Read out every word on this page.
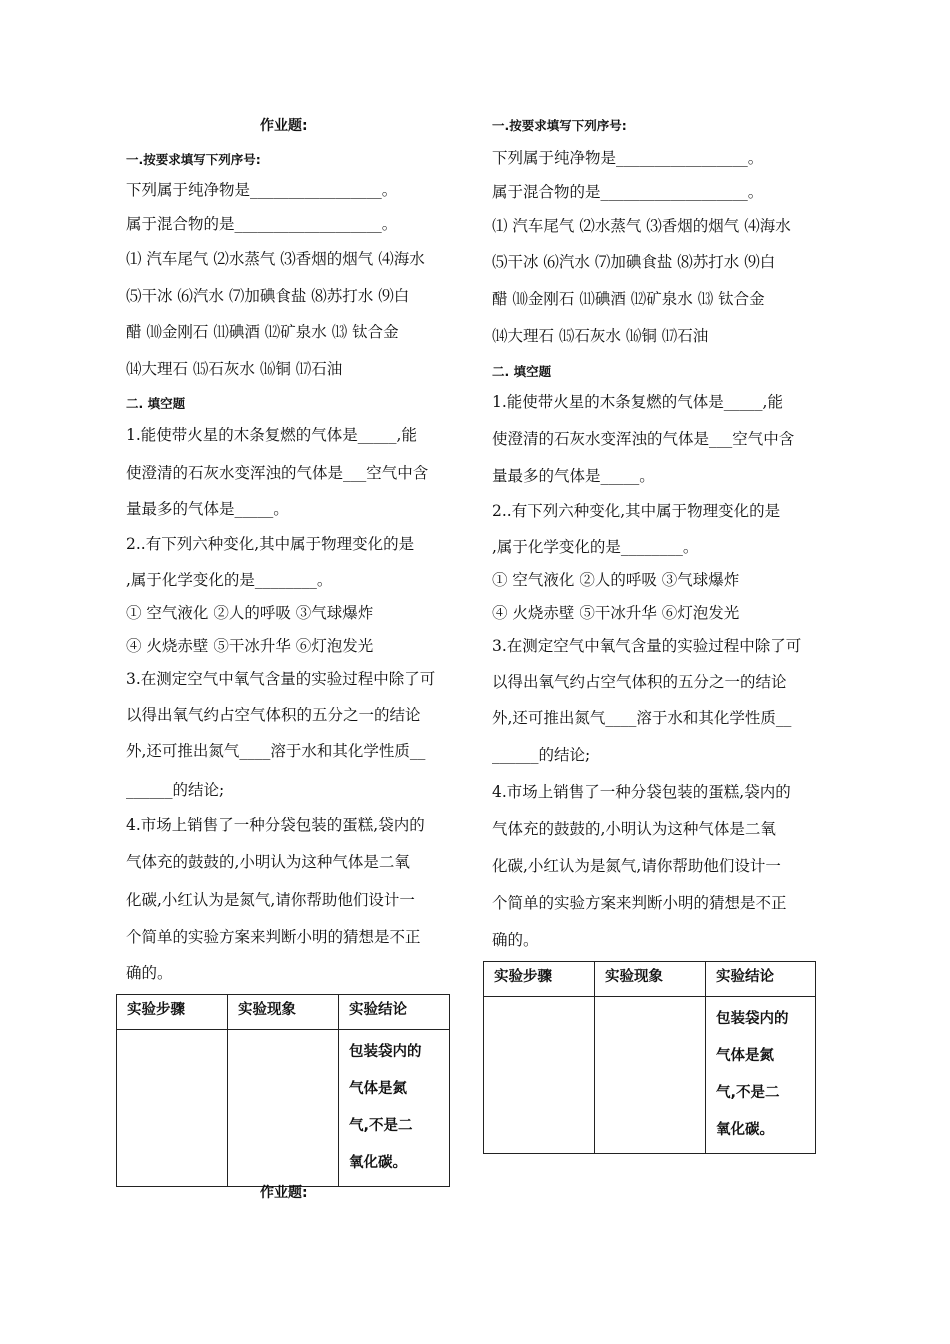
作业题:
一.按要求填写下列序号:
下列属于纯净物是_________________。
属于混合物的是___________________。
⑴ 汽车尾气 ⑵水蒸气 ⑶香烟的烟气 ⑷海水
⑸干冰 ⑹汽水 ⑺加碘食盐 ⑻苏打水 ⑼白
醋 ⑽金刚石 ⑾碘酒 ⑿矿泉水 ⒀ 钛合金
⒁大理石 ⒂石灰水 ⒃铜 ⒄石油
二. 填空题
1.能使带火星的木条复燃的气体是_____,能
使澄清的石灰水变浑浊的气体是___空气中含
量最多的气体是_____。
2..有下列六种变化,其中属于物理变化的是
,属于化学变化的是________。
① 空气液化 ②人的呼吸 ③气球爆炸
④ 火烧赤壁 ⑤干冰升华 ⑥灯泡发光
3.在测定空气中氧气含量的实验过程中除了可
以得出氧气约占空气体积的五分之一的结论
外,还可推出氮气____溶于水和其化学性质__
______的结论;
4.市场上销售了一种分袋包装的蛋糕,袋内的
气体充的鼓鼓的,小明认为这种气体是二氧
化碳,小红认为是氮气,请你帮助他们设计一
个简单的实验方案来判断小明的猜想是不正
确的。
实验步骤	实验现象	实验结论

		包装袋内的
气体是氮
气,不是二
氧化碳。
作业题:
一.按要求填写下列序号:
下列属于纯净物是_________________。
属于混合物的是___________________。
⑴ 汽车尾气 ⑵水蒸气 ⑶香烟的烟气 ⑷海水
⑸干冰 ⑹汽水 ⑺加碘食盐 ⑻苏打水 ⑼白
醋 ⑽金刚石 ⑾碘酒 ⑿矿泉水 ⒀ 钛合金
⒁大理石 ⒂石灰水 ⒃铜 ⒄石油
二. 填空题
1.能使带火星的木条复燃的气体是_____,能
使澄清的石灰水变浑浊的气体是___空气中含
量最多的气体是_____。
2..有下列六种变化,其中属于物理变化的是
,属于化学变化的是________。
① 空气液化 ②人的呼吸 ③气球爆炸
④ 火烧赤壁 ⑤干冰升华 ⑥灯泡发光
3.在测定空气中氧气含量的实验过程中除了可
以得出氧气约占空气体积的五分之一的结论
外,还可推出氮气____溶于水和其化学性质__
______的结论;
4.市场上销售了一种分袋包装的蛋糕,袋内的
气体充的鼓鼓的,小明认为这种气体是二氧
化碳,小红认为是氮气,请你帮助他们设计一
个简单的实验方案来判断小明的猜想是不正
确的。
实验步骤	实验现象	实验结论

		包装袋内的
气体是氮
气,不是二
氧化碳。
